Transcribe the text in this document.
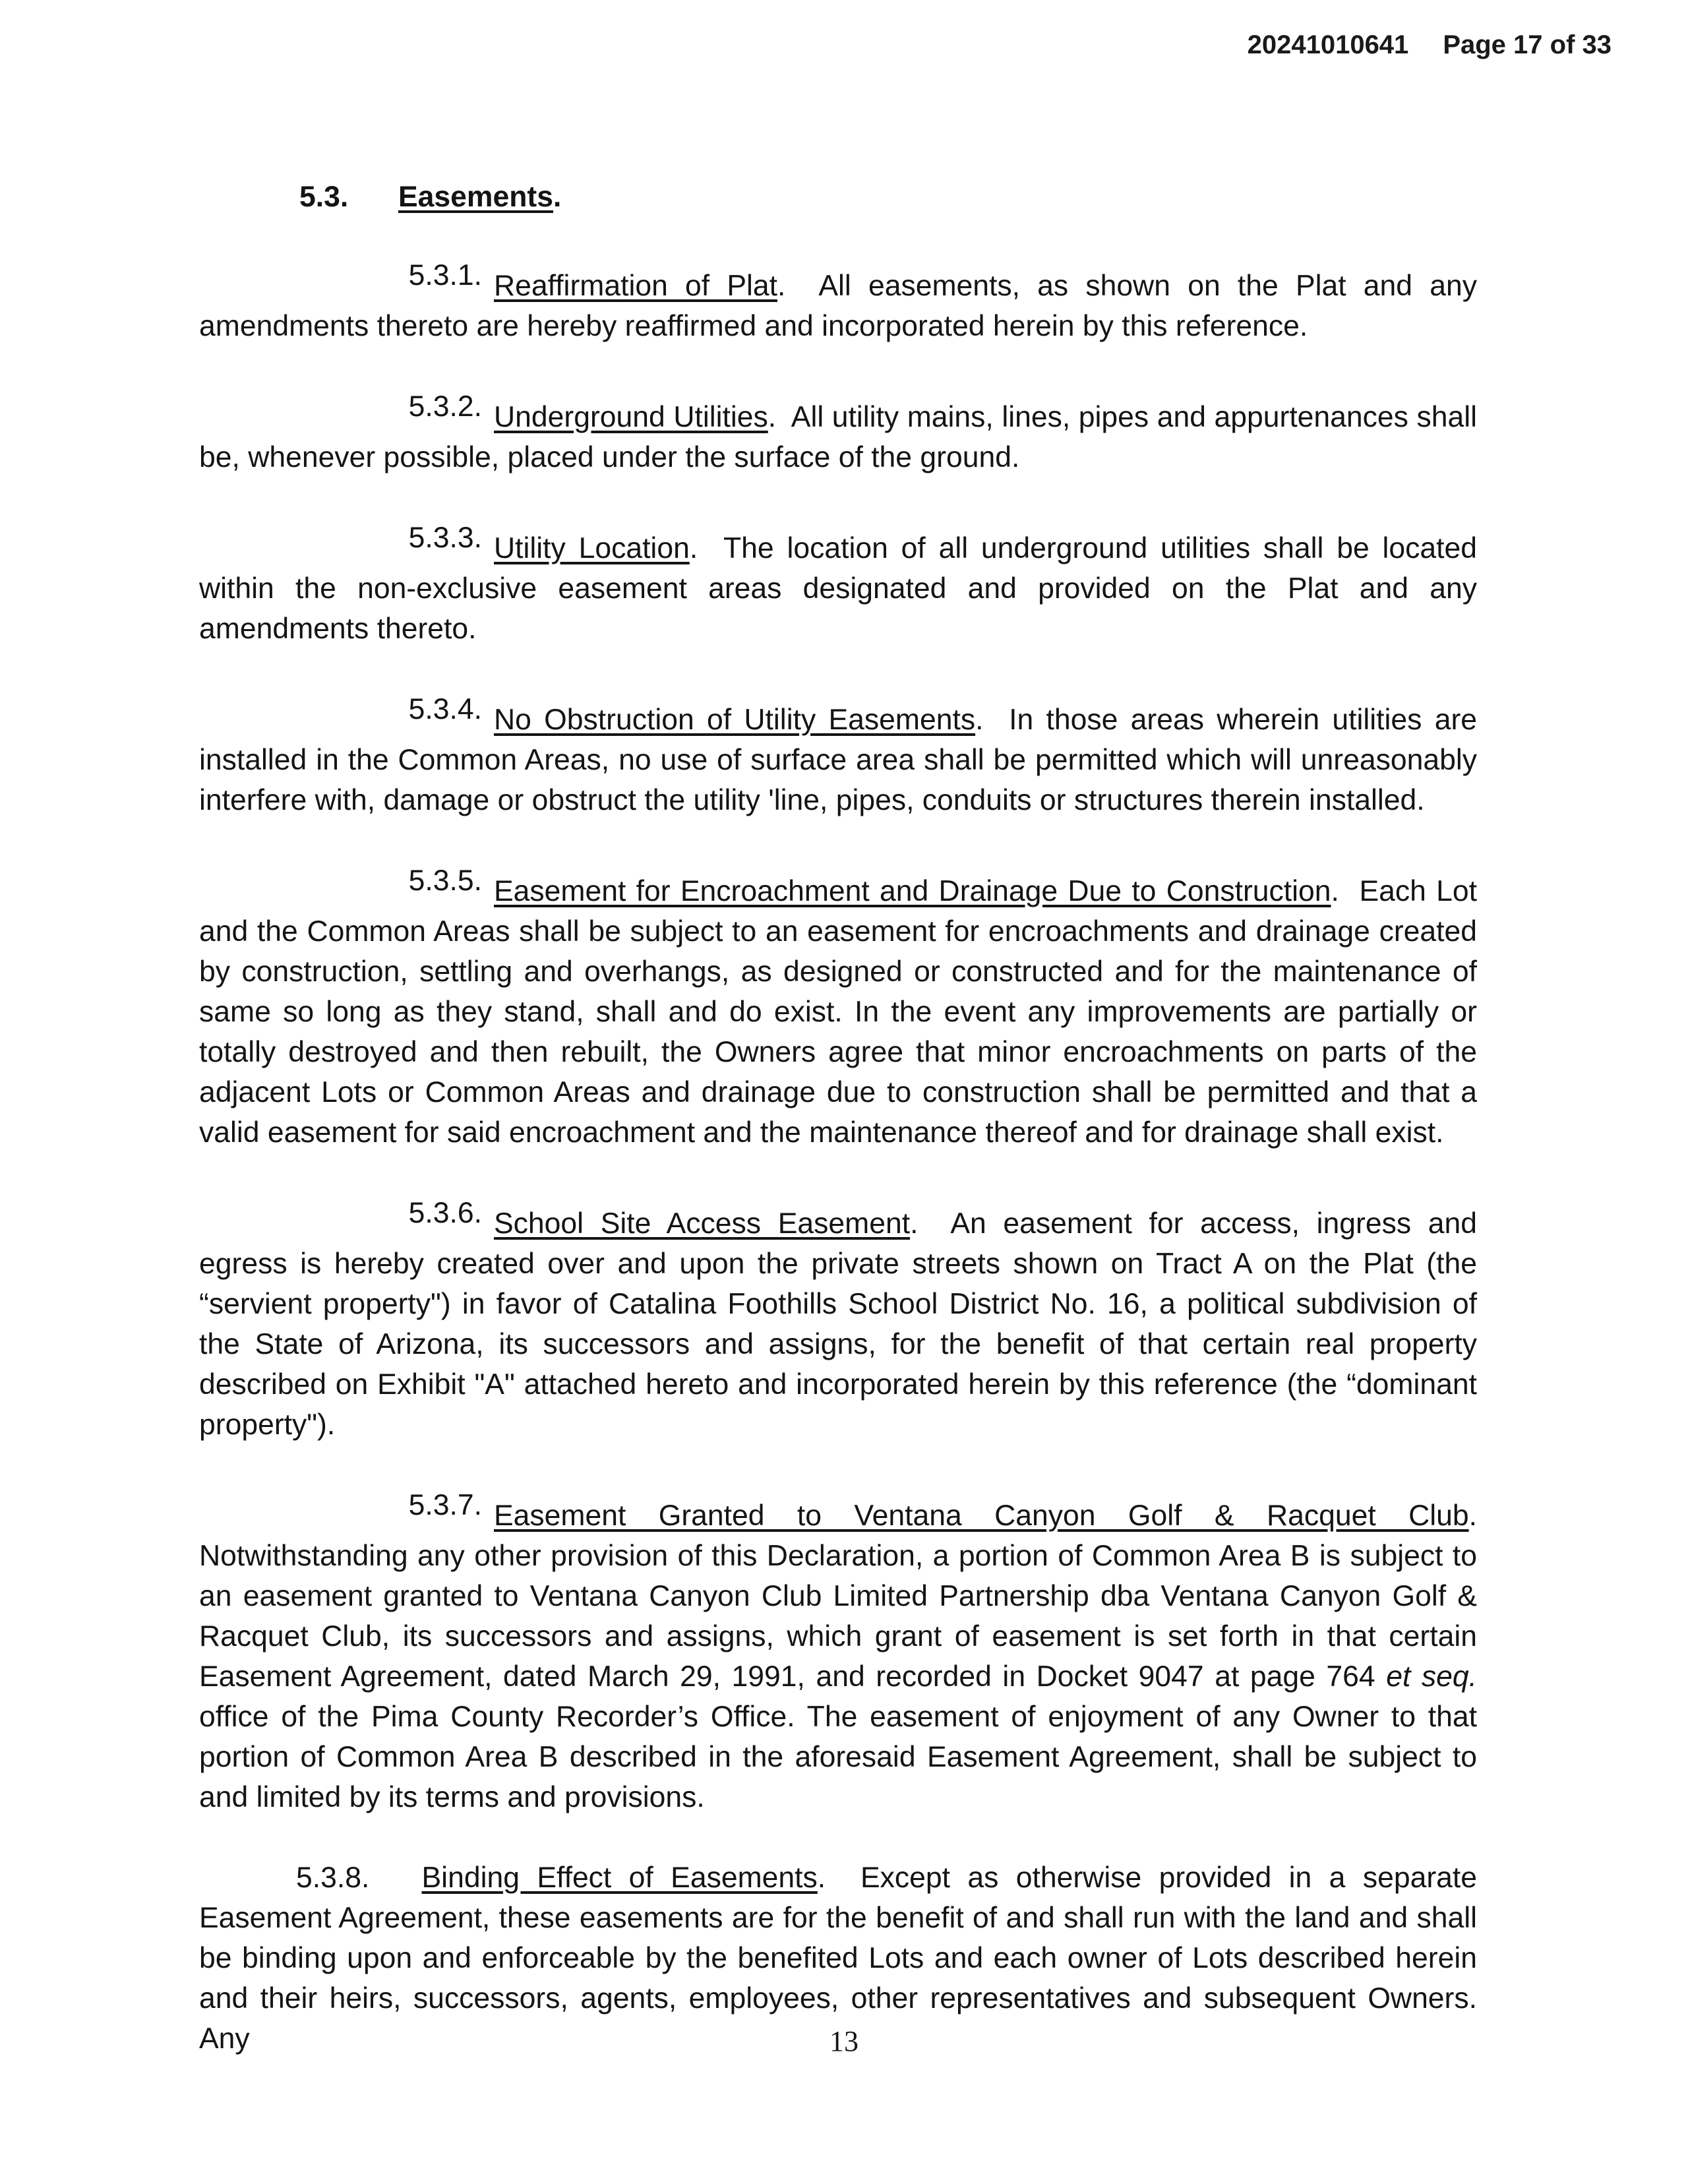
20241010641 Page 17 of 33

5.3. Easements.

5.3.1. Reaffirmation of Plat.  All easements, as shown on the Plat and any amendments thereto are hereby reaffirmed and incorporated herein by this reference.

5.3.2. Underground Utilities.  All utility mains, lines, pipes and appurtenances shall be, whenever possible, placed under the surface of the ground.

5.3.3. Utility Location.  The location of all underground utilities shall be located within the non-exclusive easement areas designated and provided on the Plat and any amendments thereto.

5.3.4. No Obstruction of Utility Easements.  In those areas wherein utilities are installed in the Common Areas, no use of surface area shall be permitted which will unreasonably interfere with, damage or obstruct the utility 'line, pipes, conduits or structures therein installed.

5.3.5. Easement for Encroachment and Drainage Due to Construction.  Each Lot and the Common Areas shall be subject to an easement for encroachments and drainage created by construction, settling and overhangs, as designed or constructed and for the maintenance of same so long as they stand, shall and do exist. In the event any improvements are partially or totally destroyed and then rebuilt, the Owners agree that minor encroachments on parts of the adjacent Lots or Common Areas and drainage due to construction shall be permitted and that a valid easement for said encroachment and the maintenance thereof and for drainage shall exist.

5.3.6. School Site Access Easement.  An easement for access, ingress and egress is hereby created over and upon the private streets shown on Tract A on the Plat (the “servient property") in favor of Catalina Foothills School District No. 16, a political subdivision of the State of Arizona, its successors and assigns, for the benefit of that certain real property described on Exhibit "A" attached hereto and incorporated herein by this reference (the “dominant property").

5.3.7. Easement Granted to Ventana Canyon Golf & Racquet Club. Notwithstanding any other provision of this Declaration, a portion of Common Area B is subject to an easement granted to Ventana Canyon Club Limited Partnership dba Ventana Canyon Golf & Racquet Club, its successors and assigns, which grant of easement is set forth in that certain Easement Agreement, dated March 29, 1991, and recorded in Docket 9047 at page 764 et seq. office of the Pima County Recorder’s Office. The easement of enjoyment of any Owner to that portion of Common Area B described in the aforesaid Easement Agreement, shall be subject to and limited by its terms and provisions.

5.3.8. Binding Effect of Easements.  Except as otherwise provided in a separate Easement Agreement, these easements are for the benefit of and shall run with the land and shall be binding upon and enforceable by the benefited Lots and each owner of Lots described herein and their heirs, successors, agents, employees, other representatives and subsequent Owners. Any	13
